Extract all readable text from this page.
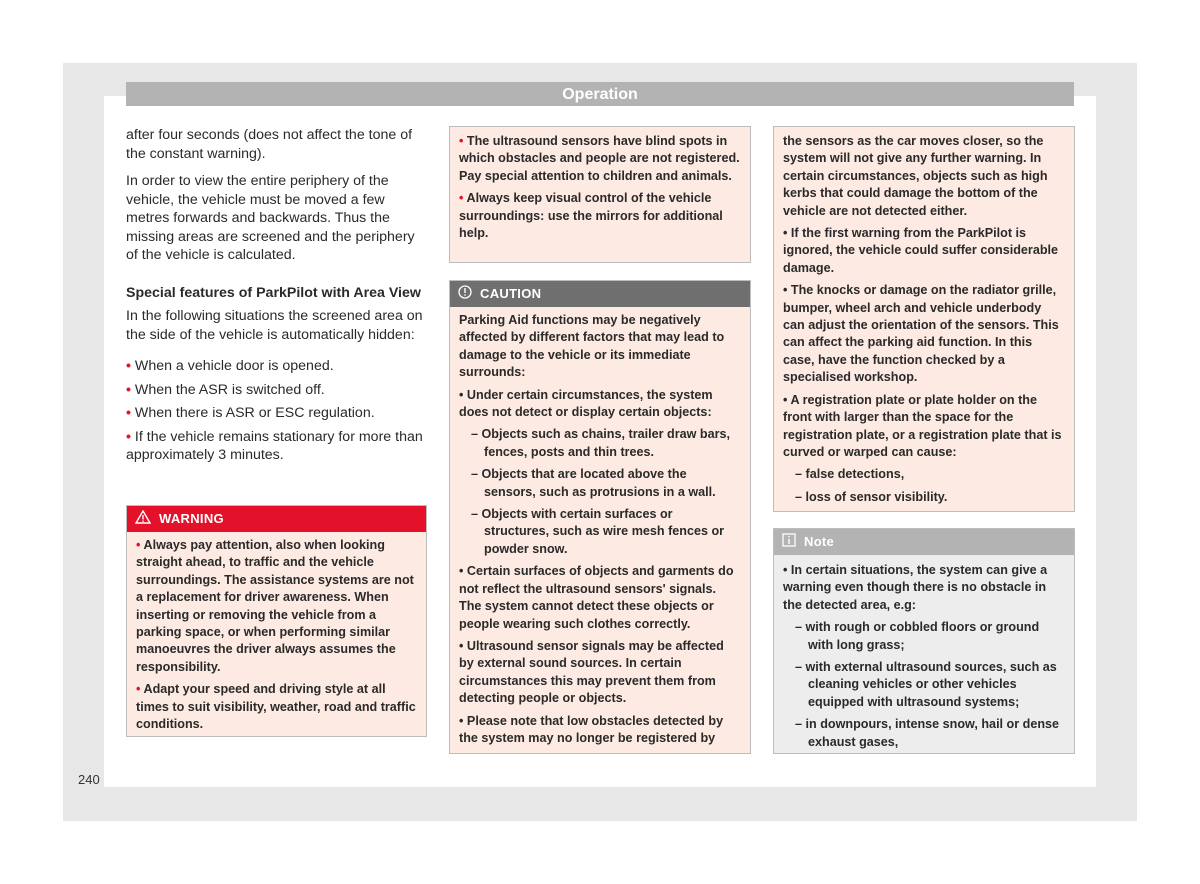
Operation

after four seconds (does not affect the tone of the constant warning).

In order to view the entire periphery of the vehicle, the vehicle must be moved a few metres forwards and backwards. Thus the missing areas are screened and the periphery of the vehicle is calculated.

Special features of ParkPilot with Area View

In the following situations the screened area on the side of the vehicle is automatically hidden:

• When a vehicle door is opened.
• When the ASR is switched off.
• When there is ASR or ESC regulation.
• If the vehicle remains stationary for more than approximately 3 minutes.
WARNING

• Always pay attention, also when looking straight ahead, to traffic and the vehicle surroundings. The assistance systems are not a replacement for driver awareness. When inserting or removing the vehicle from a parking space, or when performing similar manoeuvres the driver always assumes the responsibility.

• Adapt your speed and driving style at all times to suit visibility, weather, road and traffic conditions.

• The ultrasound sensors have blind spots in which obstacles and people are not registered. Pay special attention to children and animals.

• Always keep visual control of the vehicle surroundings: use the mirrors for additional help.

CAUTION

Parking Aid functions may be negatively affected by different factors that may lead to damage to the vehicle or its immediate surrounds:

• Under certain circumstances, the system does not detect or display certain objects:

– Objects such as chains, trailer draw bars, fences, posts and thin trees.

– Objects that are located above the sensors, such as protrusions in a wall.

– Objects with certain surfaces or structures, such as wire mesh fences or powder snow.

• Certain surfaces of objects and garments do not reflect the ultrasound sensors' signals. The system cannot detect these objects or people wearing such clothes correctly.

• Ultrasound sensor signals may be affected by external sound sources. In certain circumstances this may prevent them from detecting people or objects.

• Please note that low obstacles detected by the system may no longer be registered by

the sensors as the car moves closer, so the system will not give any further warning. In certain circumstances, objects such as high kerbs that could damage the bottom of the vehicle are not detected either.

• If the first warning from the ParkPilot is ignored, the vehicle could suffer considerable damage.

• The knocks or damage on the radiator grille, bumper, wheel arch and vehicle underbody can adjust the orientation of the sensors. This can affect the parking aid function. In this case, have the function checked by a specialised workshop.

• A registration plate or plate holder on the front with larger than the space for the registration plate, or a registration plate that is curved or warped can cause:

– false detections,

– loss of sensor visibility.

Note

• In certain situations, the system can give a warning even though there is no obstacle in the detected area, e.g:

– with rough or cobbled floors or ground with long grass;

– with external ultrasound sources, such as cleaning vehicles or other vehicles equipped with ultrasound systems;

– in downpours, intense snow, hail or dense exhaust gases,

240
